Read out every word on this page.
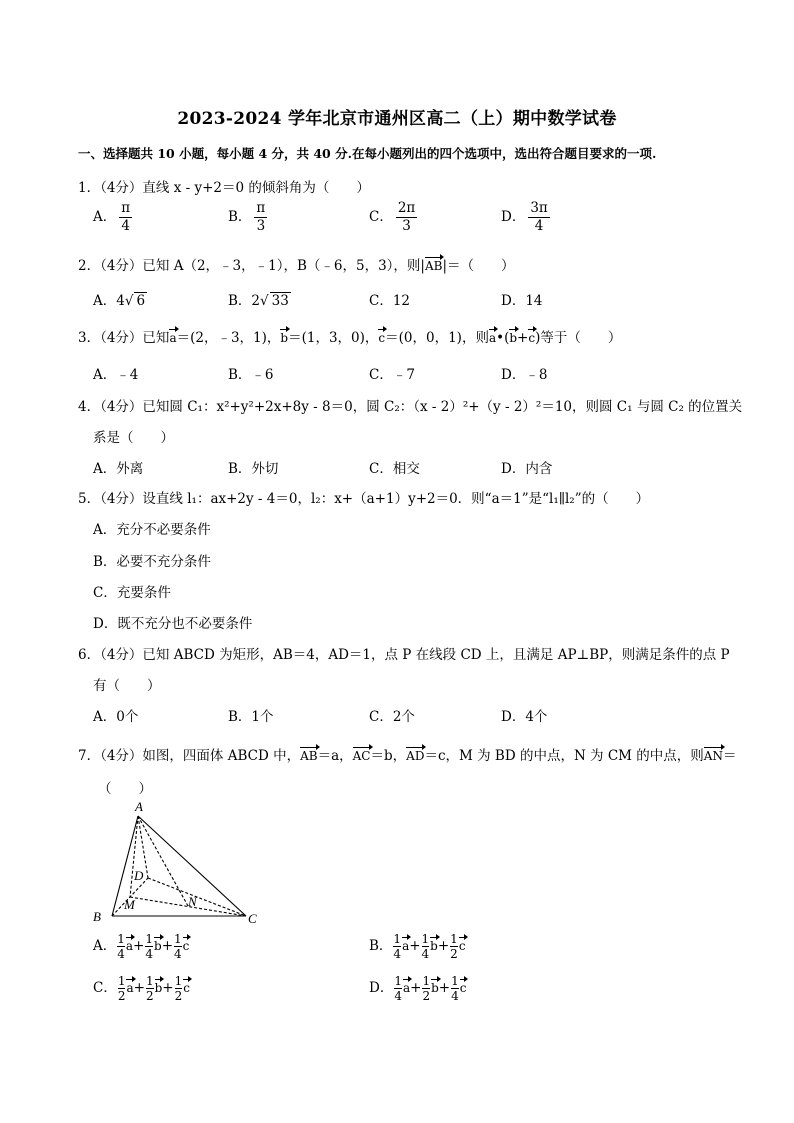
2023-2024 学年北京市通州区高二（上）期中数学试卷
一、选择题共 10 小题，每小题 4 分，共 40 分.在每小题列出的四个选项中，选出符合题目要求的一项.
1．（4分）直线 x - y+2＝0 的倾斜角为（　　）
A． $\frac{\pi}{4}$	B． $\frac{\pi}{3}$	C． $\frac{2\pi}{3}$	D． $\frac{3\pi}{4}$
2．（4分）已知 A（2，﹣3，﹣1），B（﹣6，5，3），则|AB|＝（　　）
A．4√ 6	B．2√ 33	C．12	D．14
3．（4分）已知a＝(2，﹣3，1)，b＝(1，3，0)，c＝(0，0，1)，则a•(b+c)等于（　　）
A．﹣4	B．﹣6	C．﹣7	D．﹣8
4．（4分）已知圆 C₁：x²+y²+2x+8y - 8＝0，圆 C₂：（x - 2）²+（y - 2）²＝10，则圆 C₁ 与圆 C₂ 的位置关
系是（　　）
A．外离	B．外切	C．相交	D．内含
5．（4分）设直线 l₁：ax+2y - 4＝0，l₂：x+（a+1）y+2＝0．则“a＝1”是“l₁∥l₂”的（　　）
A．充分不必要条件
B．必要不充分条件
C．充要条件
D．既不充分也不必要条件
6．（4分）已知 ABCD 为矩形，AB＝4，AD＝1，点 P 在线段 CD 上，且满足 AP⊥BP，则满足条件的点 P
有（　　）
A．0个	B．1个	C．2个	D．4个
7．（4分）如图，四面体 ABCD 中，AB＝a，AC＝b，AD＝c，M 为 BD 的中点，N 为 CM 的中点，则AN＝
（　　）
A
D
M	N
B	C
A． $\frac{1}{4} a+ \frac{1}{4} b+ \frac{1}{4}$ c	B． $\frac{1}{4} a+ \frac{1}{4} b+ \frac{1}{2}$ c
C． $\frac{1}{2} a+ \frac{1}{2} b+ \frac{1}{2}$ c	D． $\frac{1}{4} a+ \frac{1}{2} b+ \frac{1}{4}$ c
